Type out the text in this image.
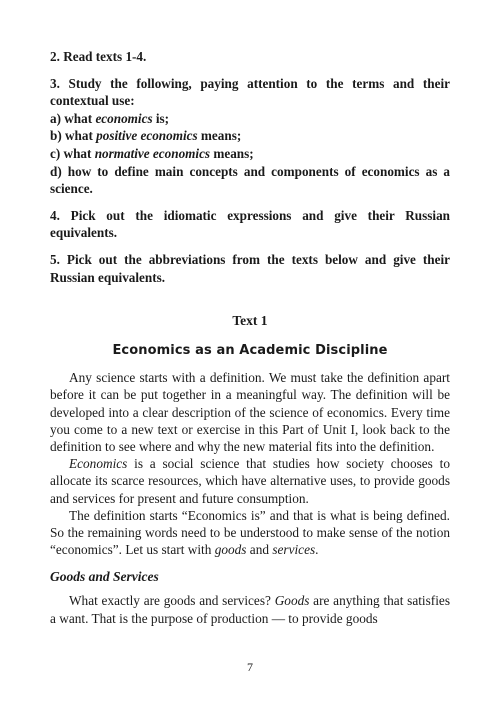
2. Read texts 1-4.

3. Study the following, paying attention to the terms and their contextual use:
a) what economics is;
b) what positive economics means;
c) what normative economics means;
d) how to define main concepts and components of economics as a science.

4. Pick out the idiomatic expressions and give their Russian equivalents.

5. Pick out the abbreviations from the texts below and give their Russian equivalents.

Text 1
Economics as an Academic Discipline

Any science starts with a definition. We must take the definition apart before it can be put together in a meaningful way. The definition will be developed into a clear description of the science of economics. Every time you come to a new text or exercise in this Part of Unit I, look back to the definition to see where and why the new material fits into the definition.

Economics is a social science that studies how society chooses to allocate its scarce resources, which have alternative uses, to provide goods and services for present and future consumption.

The definition starts “Economics is” and that is what is being defined. So the remaining words need to be understood to make sense of the notion “economics”. Let us start with goods and services.

Goods and Services

What exactly are goods and services? Goods are anything that satisfies a want. That is the purpose of production — to provide goods

7
